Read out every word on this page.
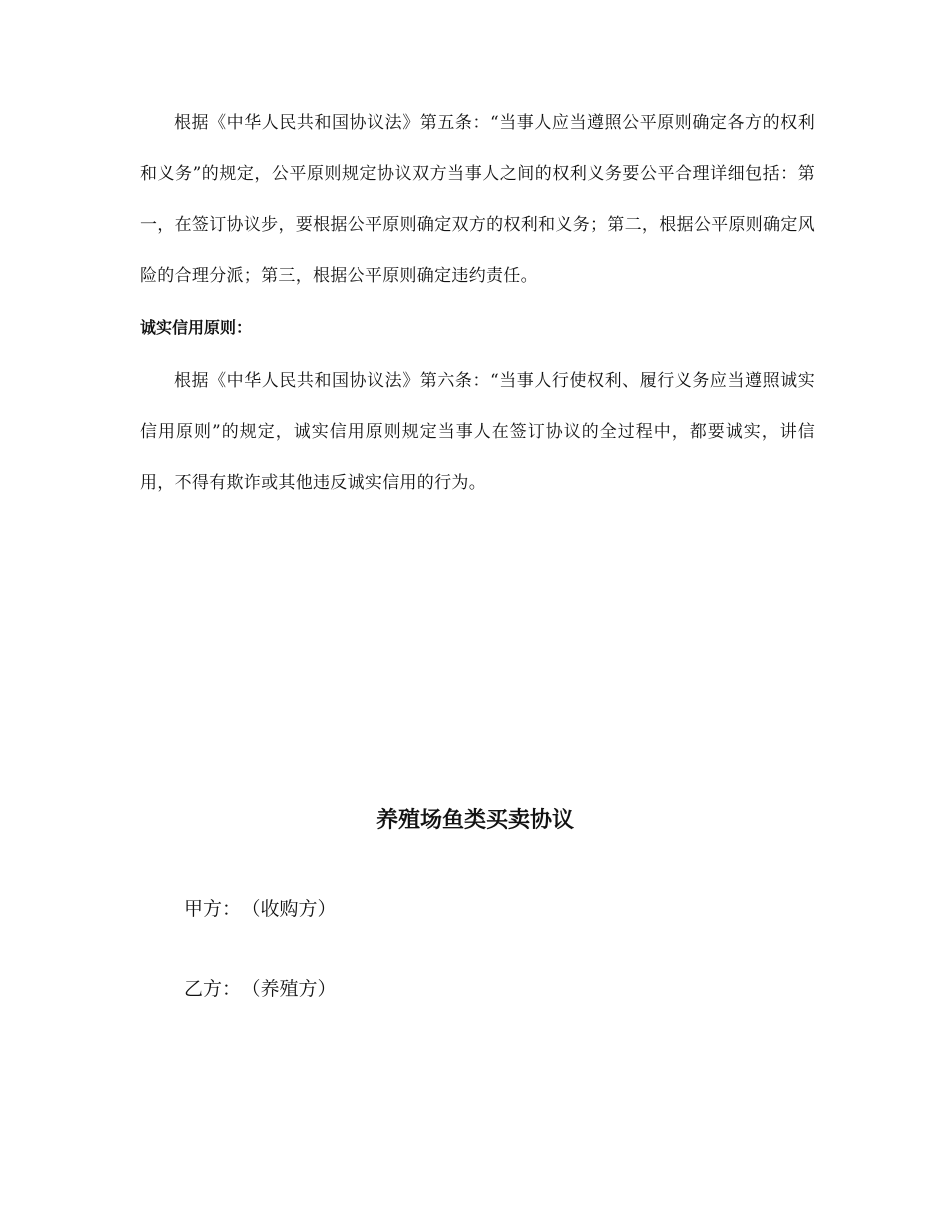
根据《中华人民共和国协议法》第五条：“当事人应当遵照公平原则确定各方的权利和义务”的规定，公平原则规定协议双方当事人之间的权利义务要公平合理详细包括：第一，在签订协议步，要根据公平原则确定双方的权利和义务；第二，根据公平原则确定风险的合理分派；第三，根据公平原则确定违约责任。

诚实信用原则：

根据《中华人民共和国协议法》第六条：“当事人行使权利、履行义务应当遵照诚实信用原则”的规定，诚实信用原则规定当事人在签订协议的全过程中，都要诚实，讲信用，不得有欺诈或其他违反诚实信用的行为。

养殖场鱼类买卖协议

甲方： （收购方）

乙方： （养殖方）
